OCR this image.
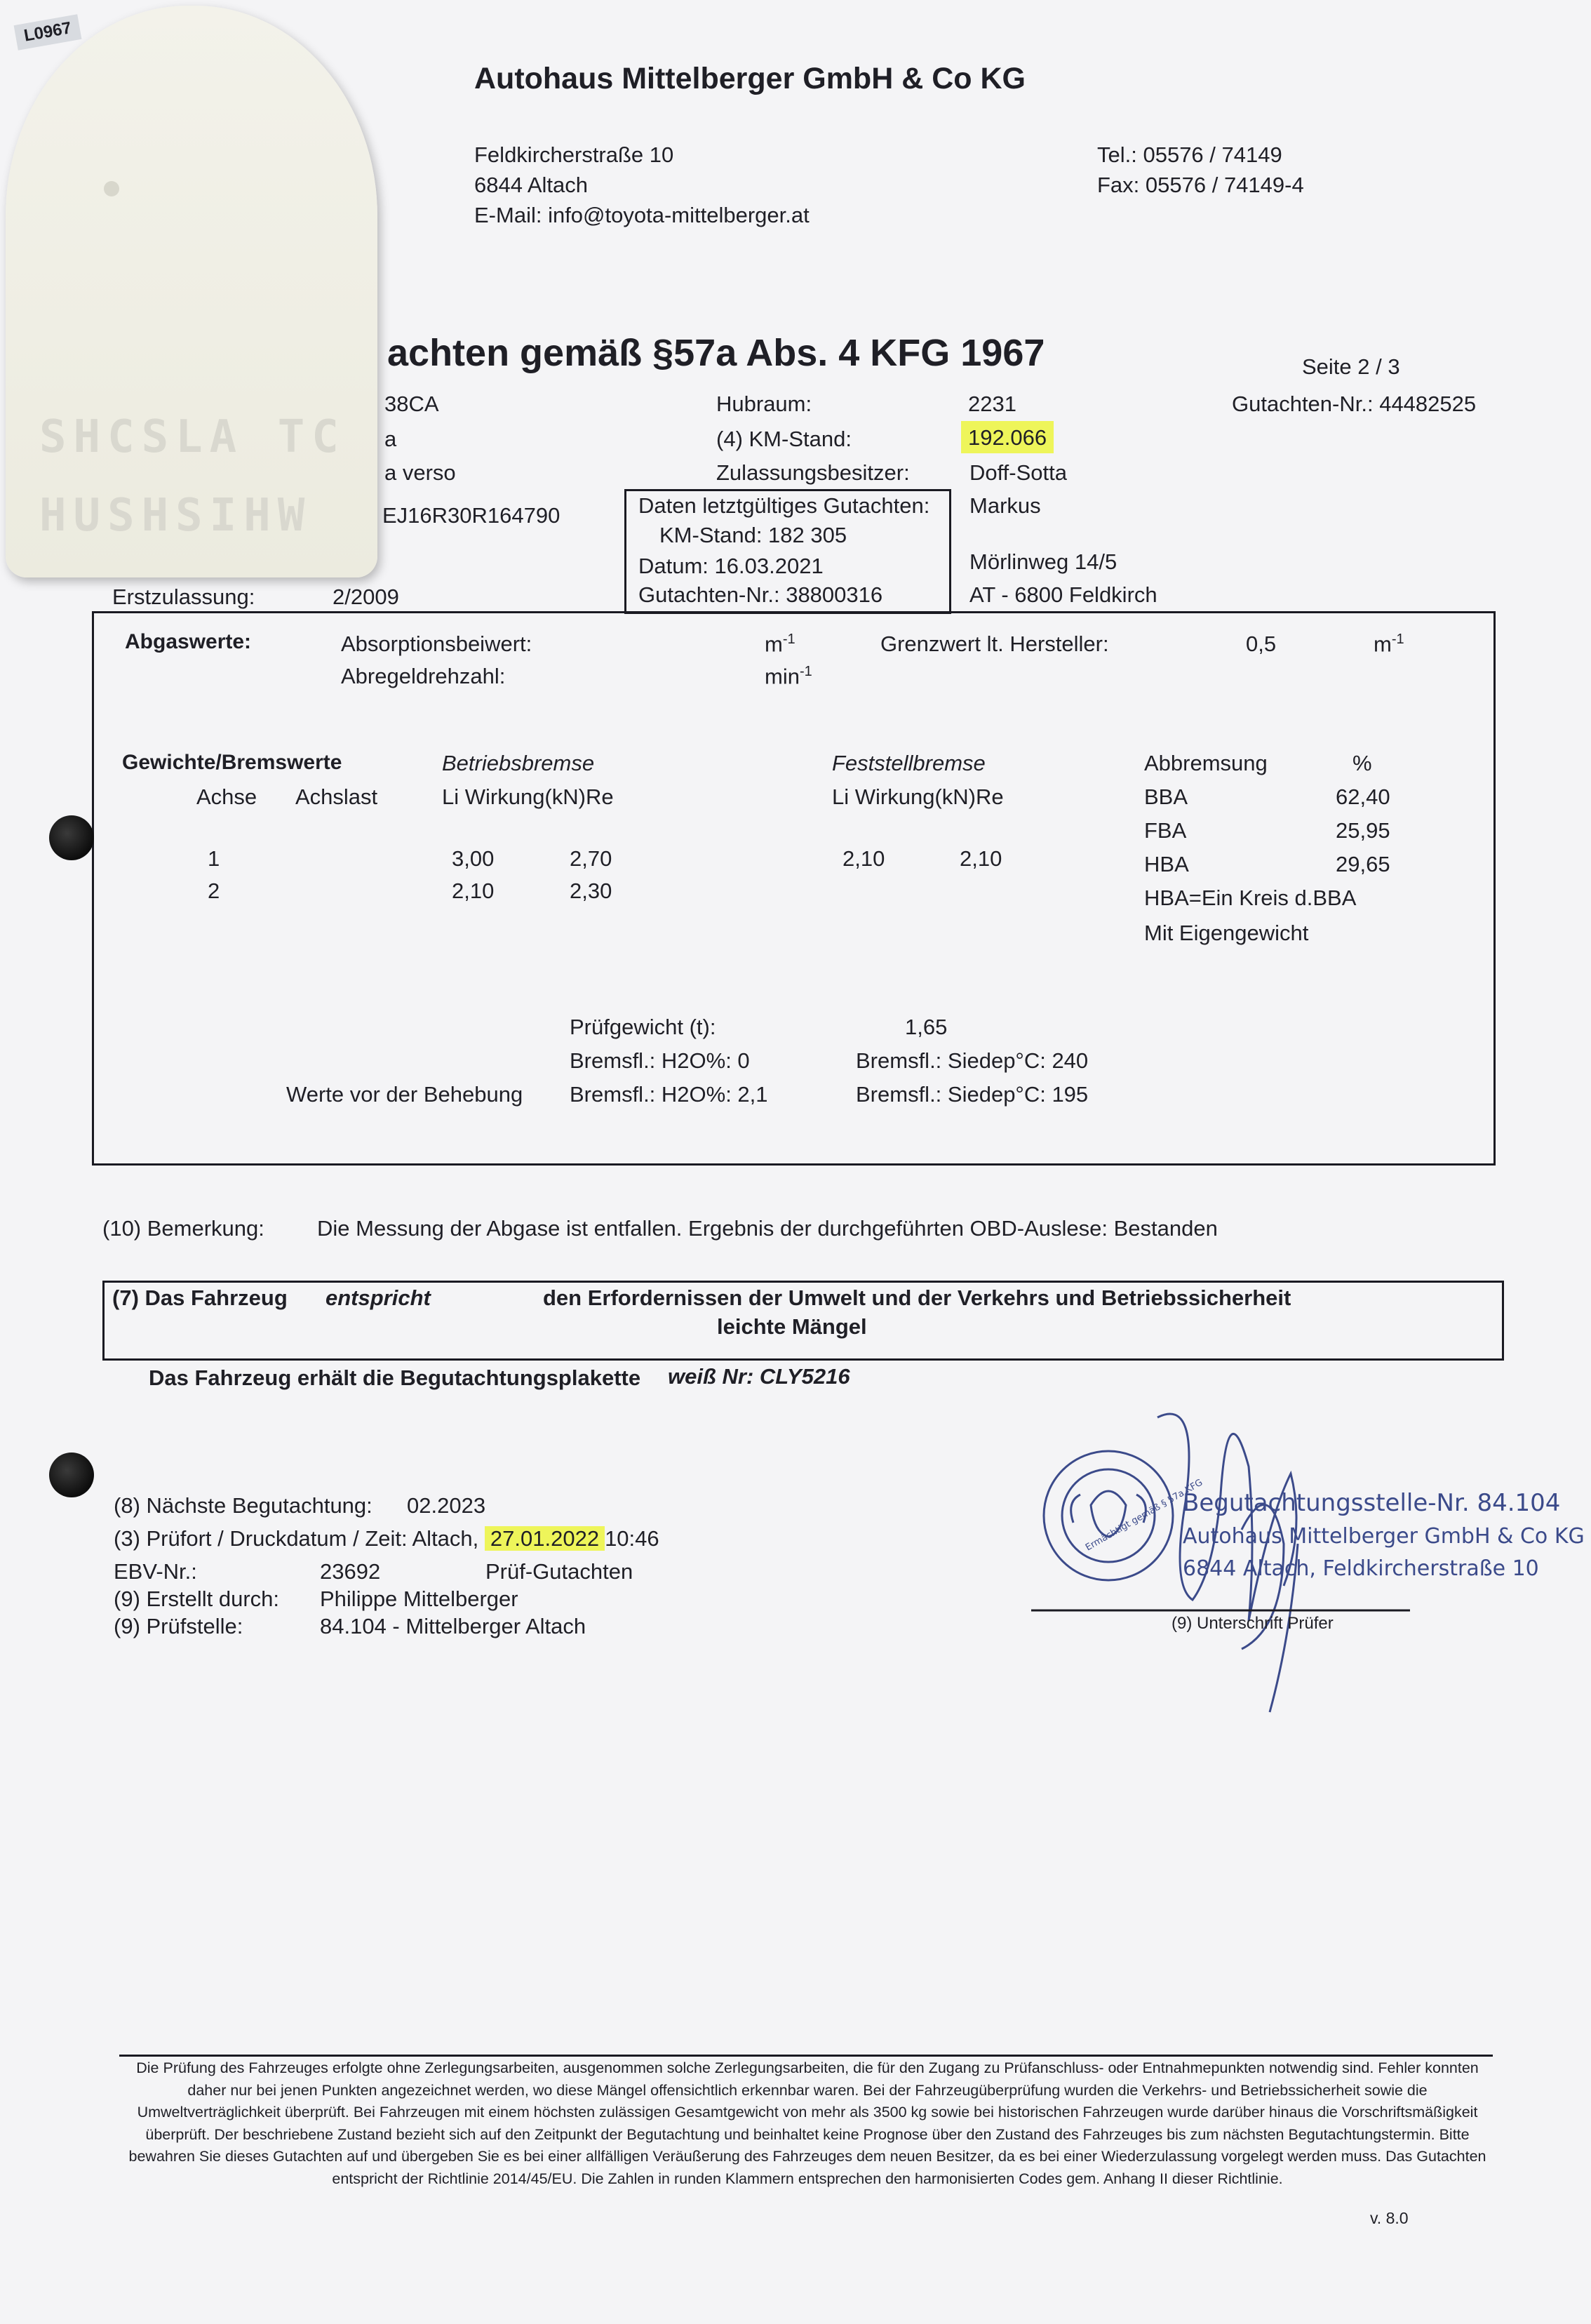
Autohaus Mittelberger GmbH & Co KG
Feldkircherstraße 10
6844 Altach
E-Mail: info@toyota-mittelberger.at
Tel.: 05576 / 74149
Fax: 05576 / 74149-4
achten gemäß §57a Abs. 4 KFG 1967	Seite 2 / 3
Gutachten-Nr.: 44482525
38CA
a
a verso
EJ16R30R164790
Hubraum:	2231
(4) KM-Stand:	192.066
Zulassungsbesitzer:	Doff-Sotta
Markus
Mörlinweg 14/5
AT - 6800 Feldkirch
Daten letztgültiges Gutachten:
KM-Stand: 182 305
Datum: 16.03.2021
Gutachten-Nr.: 38800316
Erstzulassung:	2/2009
Abgaswerte:	Absorptionsbeiwert:	$m^{-1}$	Grenzwert lt. Hersteller:	0,5	$m^{-1}$
Abregeldrehzahl:	$\min^{-1}$
Gewichte/Bremswerte	Betriebsbremse	Feststellbremse	Abbremsung	%
Achse Achslast	Li Wirkung(kN)Re	Li Wirkung(kN)Re	BBA	62,40
FBA	25,95
HBA	29,65
HBA=Ein Kreis d.BBA
Mit Eigengewicht
1	3,00	2,70	2,10	2,10
2	2,10	2,30
Prüfgewicht (t):	1,65
Bremsfl.: H2O%: 0	Bremsfl.: Siedep°C: 240
Werte vor der Behebung Bremsfl.: H2O%: 2,1	Bremsfl.: Siedep°C: 195
(10) Bemerkung: Die Messung der Abgase ist entfallen. Ergebnis der durchgeführten OBD-Auslese: Bestanden
(7) Das Fahrzeug entspricht	den Erfordernissen der Umwelt und der Verkehrs und Betriebssicherheit
leichte Mängel
Das Fahrzeug erhält die Begutachtungsplakette weiß Nr: CLY5216
(8) Nächste Begutachtung: 02.2023
(3) Prüfort / Druckdatum / Zeit: Altach, 27.01.2022 10:46
EBV-Nr.:	23692	Prüf-Gutachten
(9) Erstellt durch: Philippe Mittelberger
(9) Prüfstelle:	84.104 - Mittelberger Altach
Ermächtigt gemäß § 57a KFG
Begutachtungsstelle-Nr. 84.104
Autohaus Mittelberger GmbH & Co KG
6844 Altach, Feldkircherstraße 10
(9) Unterschrift Prüfer
Die Prüfung des Fahrzeuges erfolgte ohne Zerlegungsarbeiten, ausgenommen solche Zerlegungsarbeiten, die für den Zugang zu Prüfanschluss- oder Entnahmepunkten notwendig sind. Fehler konnten daher nur bei jenen Punkten angezeichnet werden, wo diese Mängel offensichtlich erkennbar waren. Bei der Fahrzeugüberprüfung wurden die Verkehrs- und Betriebssicherheit sowie die Umweltverträglichkeit überprüft. Bei Fahrzeugen mit einem höchsten zulässigen Gesamtgewicht von mehr als 3500 kg sowie bei historischen Fahrzeugen wurde darüber hinaus die Vorschriftsmäßigkeit überprüft. Der beschriebene Zustand bezieht sich auf den Zeitpunkt der Begutachtung und beinhaltet keine Prognose über den Zustand des Fahrzeuges bis zum nächsten Begutachtungstermin. Bitte bewahren Sie dieses Gutachten auf und übergeben Sie es bei einer allfälligen Veräußerung des Fahrzeuges dem neuen Besitzer, da es bei einer Wiederzulassung vorgelegt werden muss. Das Gutachten entspricht der Richtlinie 2014/45/EU. Die Zahlen in runden Klammern entsprechen den harmonisierten Codes gem. Anhang II dieser Richtlinie.
v. 8.0
SHCSLA TC
HUSHSIHW
L0967
